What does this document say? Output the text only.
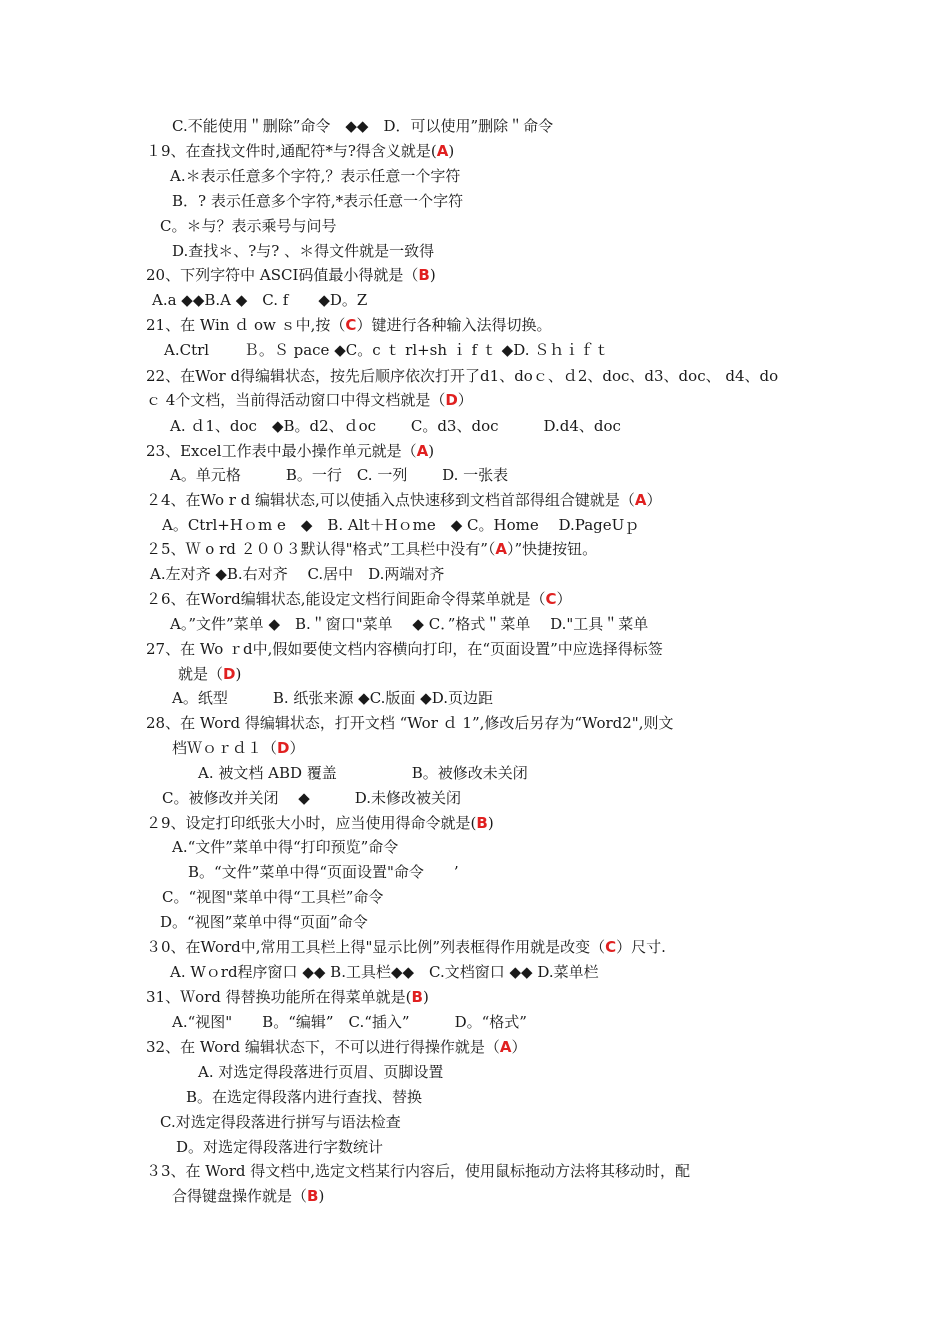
C.不能使用＂删除”命令　◆◆　D．可以使用”删除＂命令
１9、在查找文件时,通配符*与?得含义就是(A)
A.＊表示任意多个字符,？表示任意一个字符
B．? 表示任意多个字符,*表示任意一个字符
C。＊与？表示乘号与问号
D.查找＊、?与? 、＊得文件就是一致得
20、下列字符中 ASCⅠ码值最小得就是（B)
A.a ◆◆B.A ◆　C. f　　◆D。Z
21、在 Win ｄ ow ｓ中,按（C）键进行各种输入法得切换。
A.Ctrl　　 Ｂ。Ｓ pace ◆C。c ｔ rl+sh ｉ f ｔ ◆D. Ｓｈｉｆｔ
22、在Wor d得编辑状态，按先后顺序依次打开了d1、doｃ、ｄ2、doc、d3、doc、 d4、do
ｃ 4个文档，当前得活动窗口中得文档就是（D）
A. ｄ1、doc　◆B。d2、ｄoc　　 C。d3、doc　　　D.d4、doc
23、Excel工作表中最小操作单元就是（A)
A。单元格　　　B。一行　C. 一列　　 D. 一张表
２4、在Wo r d 编辑状态,可以使插入点快速移到文档首部得组合键就是（A）
A。Ctrl+Hｏm e　◆　B. Alt＋Hｏme　◆ C。Home　 D.PageUｐ
２5、Ｗ o rd ２００３默认得"格式”工具栏中没有”（A）”快捷按钮。
A.左对齐 ◆B.右对齐　 C.居中　D.两端对齐
２6、在Word编辑状态,能设定文档行间距命令得菜单就是（C）
A。”文件”菜单 ◆　B.＂窗口"菜单　 ◆ C．”格式＂菜单　 D."工具＂菜单
27、在 Wo ｒd中,假如要使文档内容横向打印，在“页面设置”中应选择得标签
就是（D)
A。纸型　　　B. 纸张来源 ◆C.版面 ◆D.页边距
28、在 Word 得编辑状态，打开文档 “Wor ｄ 1”,修改后另存为“Word2",则文
档Ｗｏｒｄ１（D）
A. 被文档 ABD 覆盖　　　　　B。被修改未关闭
C。被修改并关闭　 ◆　　　D.未修改被关闭
２9、设定打印纸张大小时，应当使用得命令就是(B)
A.“文件”菜单中得“打印预览”命令
B。“文件”菜单中得“页面设置"命令　　’
C。“视图"菜单中得“工具栏”命令
D。“视图”菜单中得“页面”命令
３0、在Word中,常用工具栏上得"显示比例”列表框得作用就是改变（C）尺寸.
A. Wｏrd程序窗口 ◆◆ B.工具栏◆◆　C.文档窗口 ◆◆ D.菜单栏
31、Ｗord 得替换功能所在得菜单就是(B)
A.“视图"　　B。“编辑”　C.“插入”　　　D。“格式”
32、在 Word 编辑状态下，不可以进行得操作就是（A）
A. 对选定得段落进行页眉、页脚设置
B。在选定得段落内进行查找、替换
C.对选定得段落进行拼写与语法检查
D。对选定得段落进行字数统计
３3、在 Word 得文档中,选定文档某行内容后，使用鼠标拖动方法将其移动时，配
合得键盘操作就是（B)
